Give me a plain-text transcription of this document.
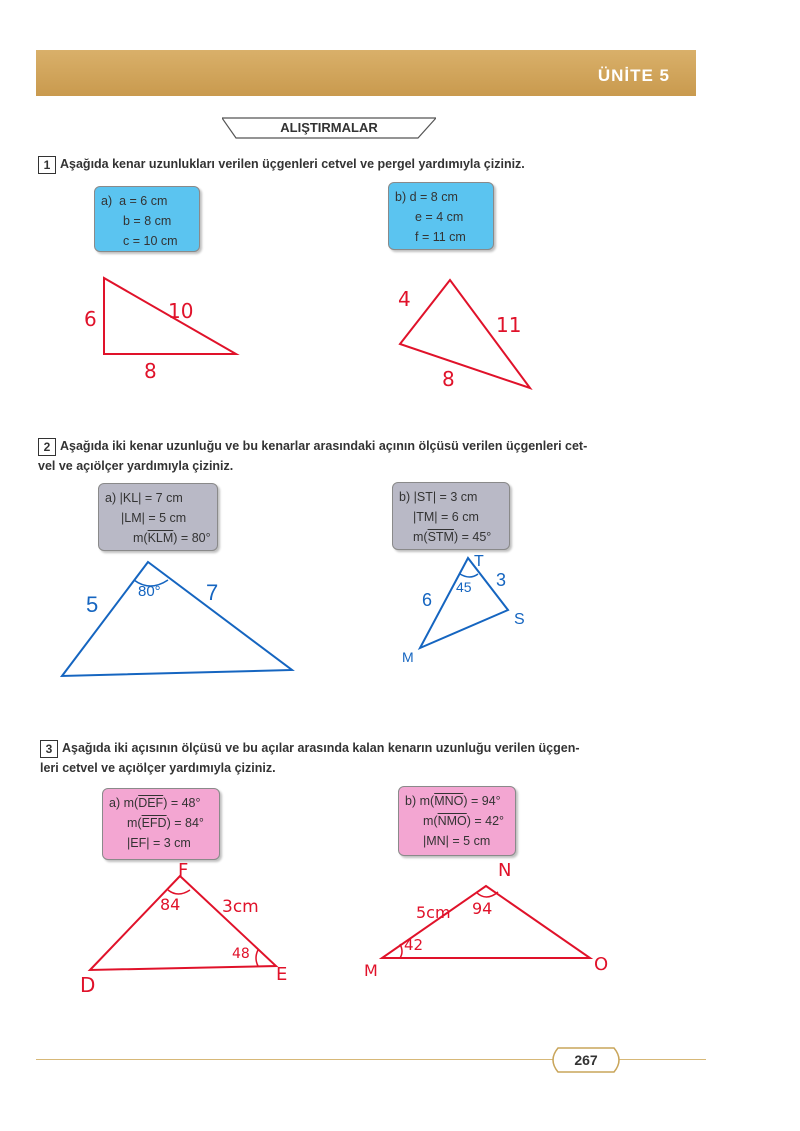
ÜNİTE 5
ALIŞTIRMALAR
1 Aşağıda kenar uzunlukları verilen üçgenleri cetvel ve pergel yardımıyla çiziniz.
a) a = 6 cm
b = 8 cm
c = 10 cm
b) d = 8 cm
e = 4 cm
f = 11 cm
2 Aşağıda iki kenar uzunluğu ve bu kenarlar arasındaki açının ölçüsü verilen üçgenleri cet-
vel ve açıölçer yardımıyla çiziniz.
a) |KL| = 7 cm
|LM| = 5 cm
$m(\overline{KLM}) = 80^\circ$
b) |ST| = 3 cm
|TM| = 6 cm
$m(\overline{STM}) = 45^\circ$
3 Aşağıda iki açısının ölçüsü ve bu açılar arasında kalan kenarın uzunluğu verilen üçgen-
leri cetvel ve açıölçer yardımıyla çiziniz.
a) $m(\overline{DEF}) = 48^\circ$
$m(\overline{EFD}) = 84^\circ$
|EF| = 3 cm
b) $m(\overline{MNO}) = 94^\circ$
$m(\overline{NMO}) = 42^\circ$
|MN| = 5 cm
6	10
8
4
11
8
5
80° 7
T
6
45 3
M
S
F
84 3cm
48
D	E
N
5cm 94
42
M	O
267
